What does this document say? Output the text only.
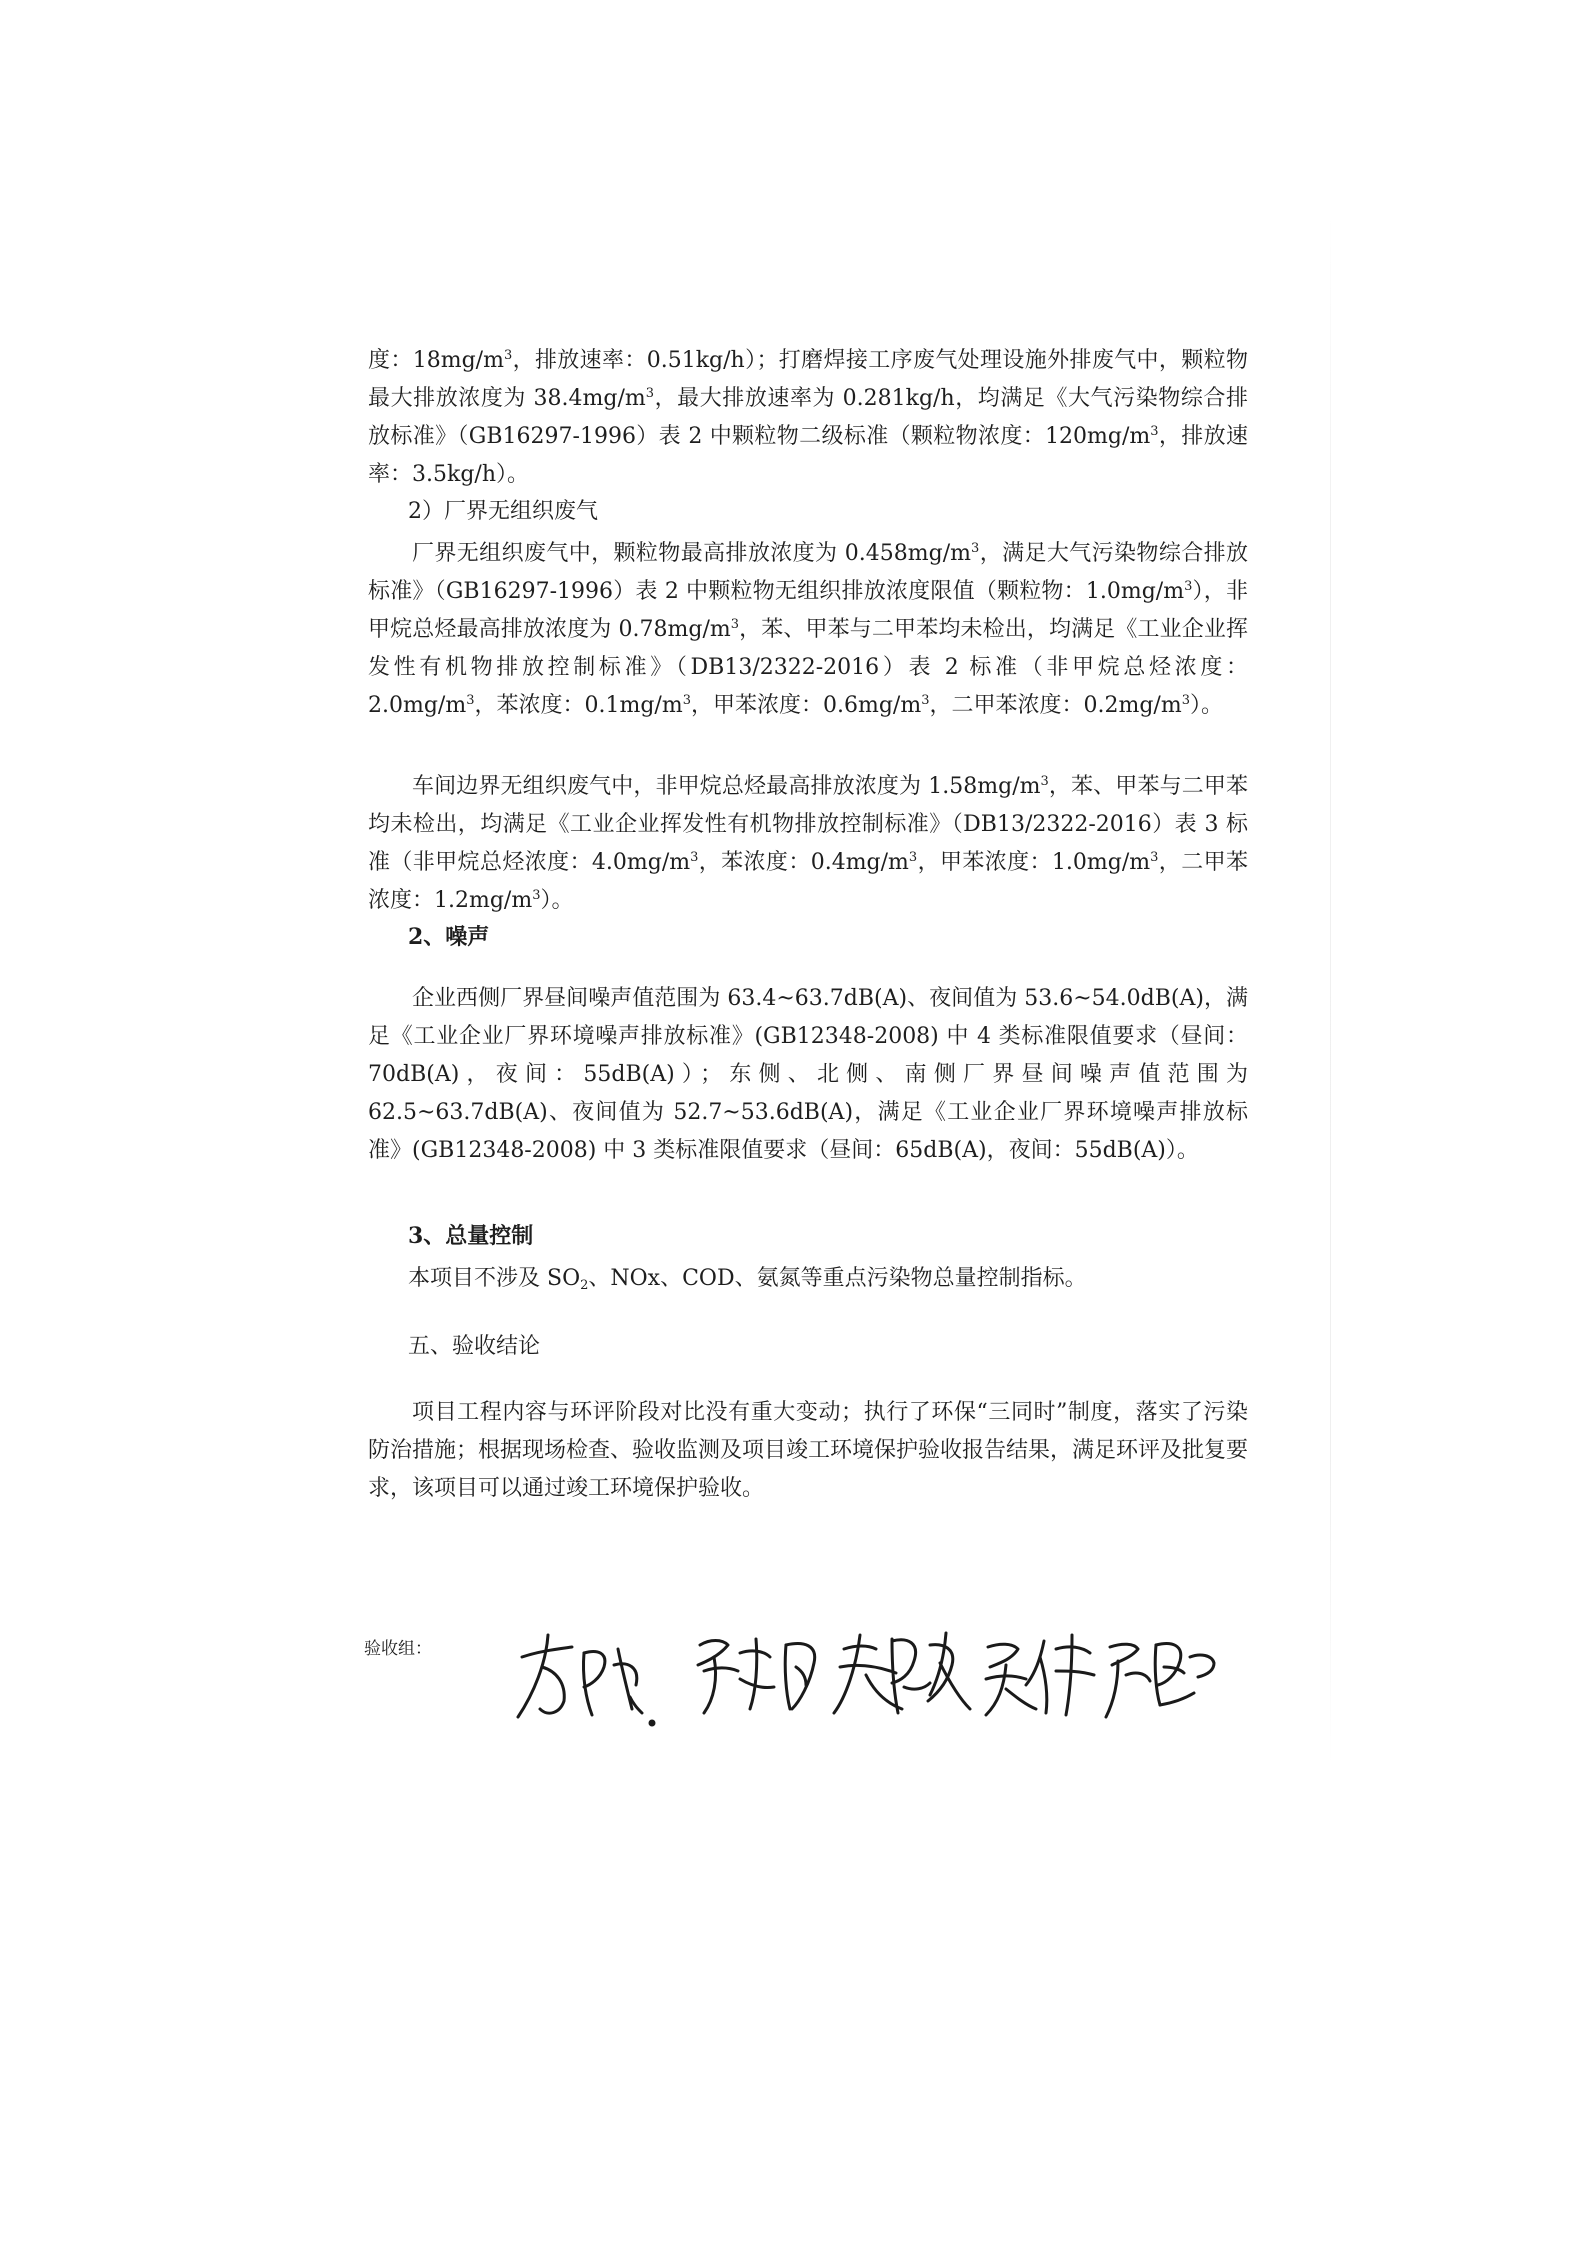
度：$18mg/m^3$，排放速率：0.51kg/h）；打磨焊接工序废气处理设施外排废气中，颗粒物最大排放浓度为 $38.4mg/m^3$，最大排放速率为 0.281kg/h，均满足《大气污染物综合排放标准》（GB16297-1996）表 2 中颗粒物二级标准（颗粒物浓度：$120mg/m^3$，排放速率：3.5kg/h）。

2）厂界无组织废气

厂界无组织废气中，颗粒物最高排放浓度为 $0.458mg/m^3$，满足大气污染物综合排放标准》（GB16297-1996）表 2 中颗粒物无组织排放浓度限值（颗粒物：$1.0mg/m^3$），非甲烷总烃最高排放浓度为 $0.78mg/m^3$，苯、甲苯与二甲苯均未检出，均满足《工业企业挥发性有机物排放控制标准》（DB13/2322-2016）表 2 标准（非甲烷总烃浓度：$2.0mg/m^3$，苯浓度：$0.1mg/m^3$，甲苯浓度：$0.6mg/m^3$，二甲苯浓度：$0.2mg/m^3$）。

车间边界无组织废气中，非甲烷总烃最高排放浓度为 $1.58mg/m^3$，苯、甲苯与二甲苯均未检出，均满足《工业企业挥发性有机物排放控制标准》（DB13/2322-2016）表 3 标准（非甲烷总烃浓度：$4.0mg/m^3$，苯浓度：$0.4mg/m^3$，甲苯浓度：$1.0mg/m^3$，二甲苯浓度：$1.2mg/m^3$）。

2、噪声

企业西侧厂界昼间噪声值范围为 63.4~63.7dB(A)、夜间值为 53.6~54.0dB(A)，满足《工业企业厂界环境噪声排放标准》(GB12348-2008) 中 4 类标准限值要求（昼间：70dB(A)，夜间：55dB(A)）；东侧、北侧、南侧厂界昼间噪声值范围为 62.5~63.7dB(A)、夜间值为 52.7~53.6dB(A)，满足《工业企业厂界环境噪声排放标准》(GB12348-2008) 中 3 类标准限值要求（昼间：65dB(A)，夜间：55dB(A)）。

3、总量控制

本项目不涉及 $SO_2$、NOx、COD、氨氮等重点污染物总量控制指标。

五、验收结论

项目工程内容与环评阶段对比没有重大变动；执行了环保“三同时”制度，落实了污染防治措施；根据现场检查、验收监测及项目竣工环境保护验收报告结果，满足环评及批复要求，该项目可以通过竣工环境保护验收。

验收组：
